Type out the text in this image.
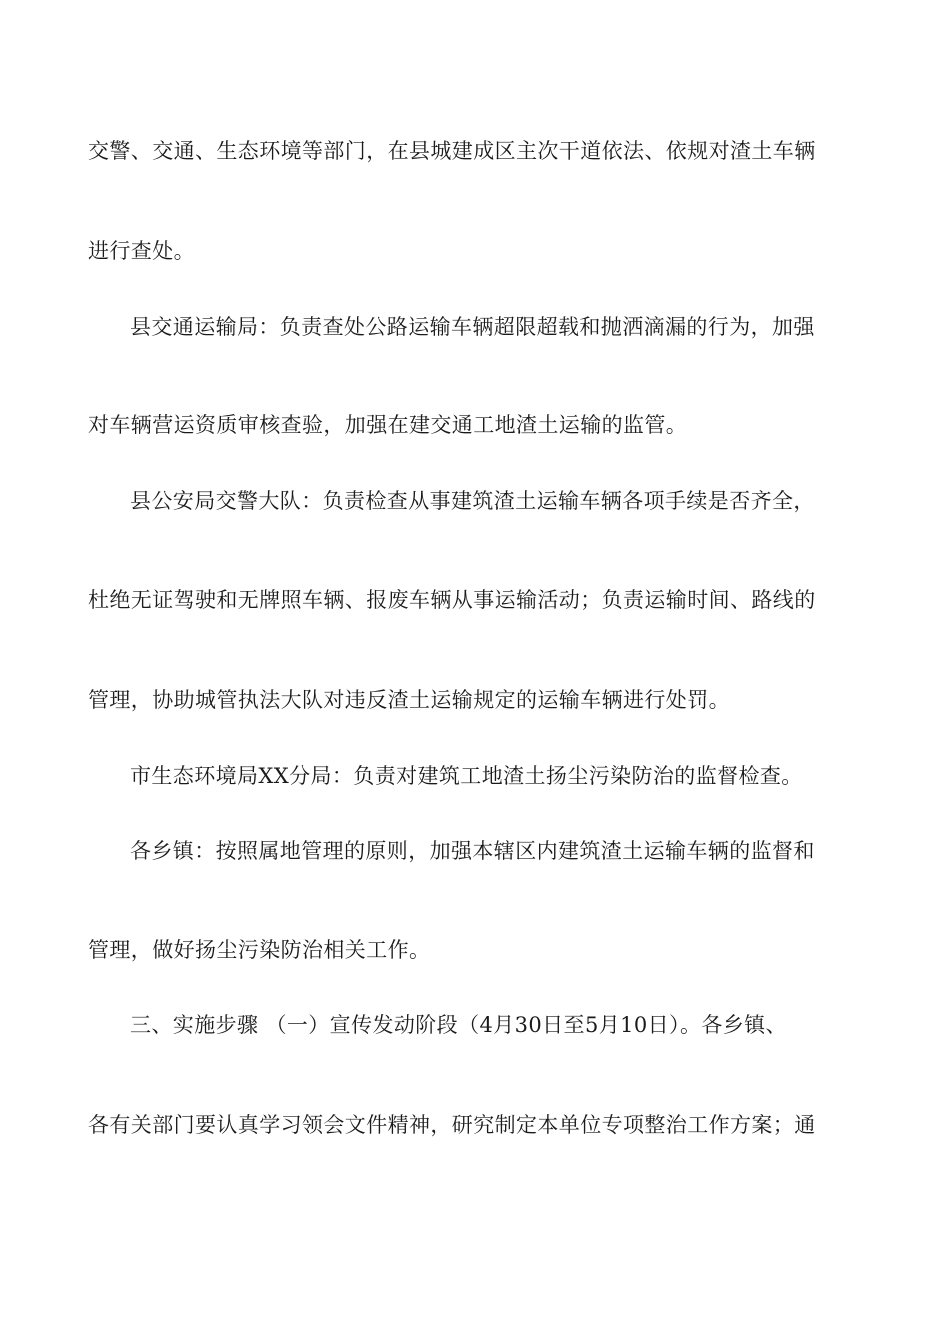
交警、交通、生态环境等部门，在县城建成区主次干道依法、依规对渣土车辆
进行查处。
县交通运输局：负责查处公路运输车辆超限超载和抛洒滴漏的行为，加强
对车辆营运资质审核查验，加强在建交通工地渣土运输的监管。
县公安局交警大队：负责检查从事建筑渣土运输车辆各项手续是否齐全，
杜绝无证驾驶和无牌照车辆、报废车辆从事运输活动；负责运输时间、路线的
管理，协助城管执法大队对违反渣土运输规定的运输车辆进行处罚。
市生态环境局XX分局：负责对建筑工地渣土扬尘污染防治的监督检查。
各乡镇：按照属地管理的原则，加强本辖区内建筑渣土运输车辆的监督和
管理，做好扬尘污染防治相关工作。
三、实施步骤 （一）宣传发动阶段（4月30日至5月10日）。各乡镇、
各有关部门要认真学习领会文件精神，研究制定本单位专项整治工作方案；通
